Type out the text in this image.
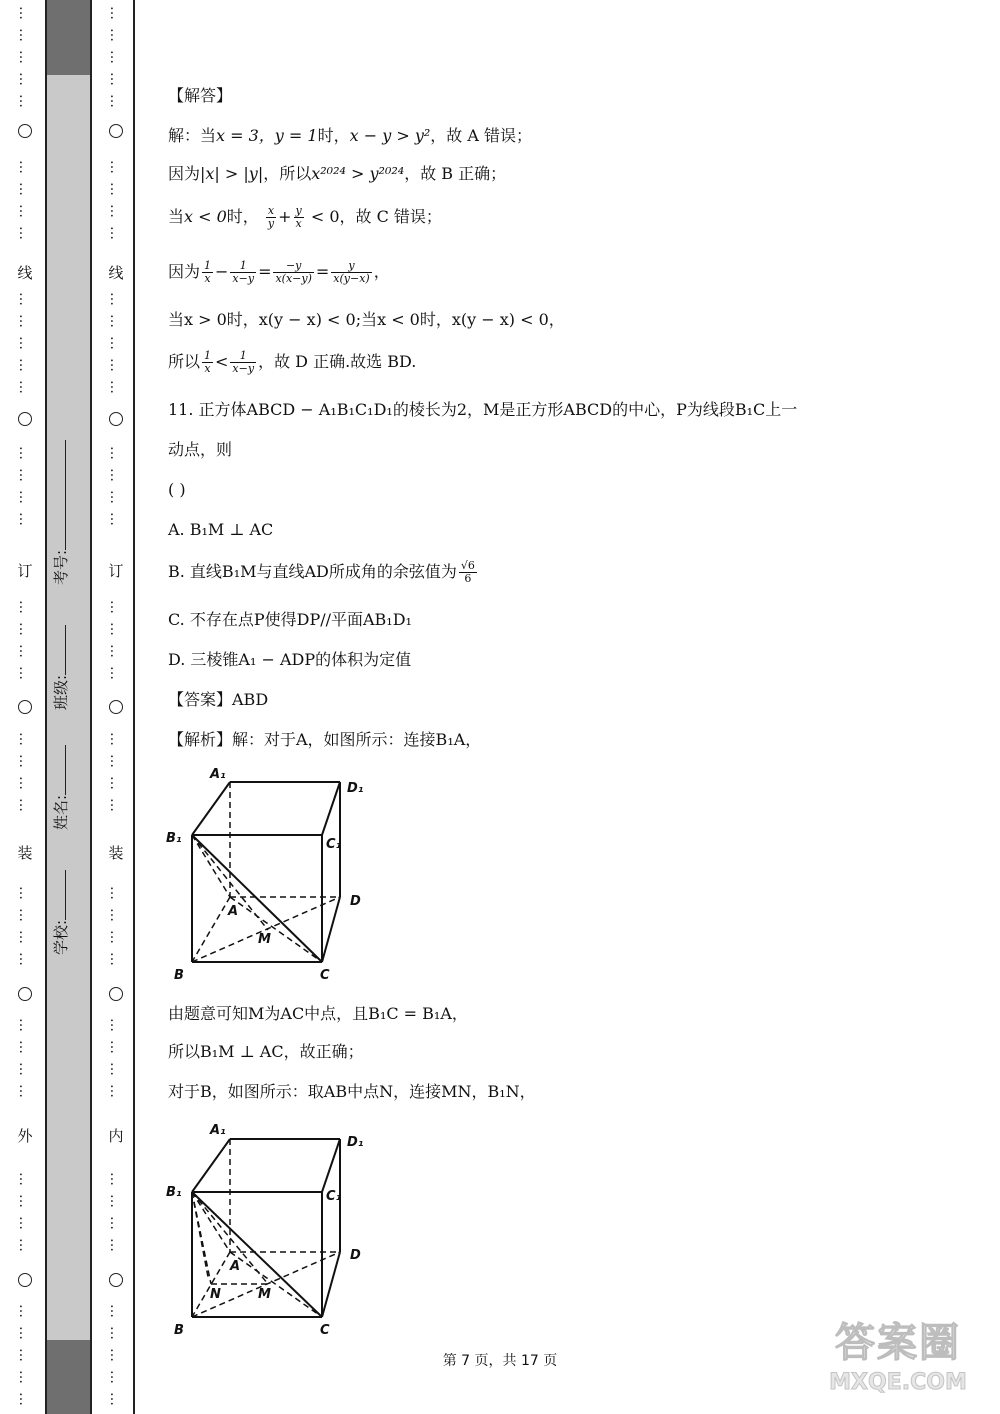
…
…
…
…
…
…
…
…
…
…
…
…
…
…
…
…
…
…
…
…
…
…
…
…
…
…
…
…
…
…
…
…
…
…
…
…
…
…
…
…
…
…
…
…
…
…
…
…
…
…
…
…
…
…
…
…
…
…
…
…
…
…
…
…
…
…
…
…
…
…
…
…
…
…
…
…
…
…
…
…
…
…
…
…
…
…
线
订
装
外
线
订
装
内
学校:
姓名:
班级:
考号:
【解答】
解：当x = 3，y = 1时，x − y > y²，故 A 错误；
因为|x| > |y|，所以x²⁰²⁴ > y²⁰²⁴，故 B 正确；
当x < 0时， $\frac{x}{y} + \frac{y}{x} < 0$，故 C 错误；
因为 $\frac{1}{x} - \frac{1}{x-y} = \frac{-y}{x(x-y)} = \frac{y}{x(y-x)}$ ，
当x > 0时，x(y − x) < 0;当x < 0时，x(y − x) < 0，
所以 $\frac{1}{x} < \frac{1}{x-y}$ ，故 D 正确.故选 BD.
11. 正方体ABCD − A₁B₁C₁D₁的棱长为2，M是正方形ABCD的中心，P为线段B₁C上一
动点，则
( )
A. B₁M ⊥ AC
B. 直线B₁M与直线AD所成角的余弦值为 $\frac{√6}{6}$
C. 不存在点P使得DP//平面AB₁D₁
D. 三棱锥A₁ − ADP的体积为定值
【答案】ABD
【解析】解：对于A，如图所示：连接B₁A，
由题意可知M为AC中点，且B₁C = B₁A，
所以B₁M ⊥ AC，故正确；
对于B，如图所示：取AB中点N，连接MN，B₁N，
A₁
D₁
B₁	C₁
A
D
M
B	C
A₁
D₁
B₁	C₁
A
D
M
N
B	C
第 7 页，共 17 页	答案圈
MXQE.COM
